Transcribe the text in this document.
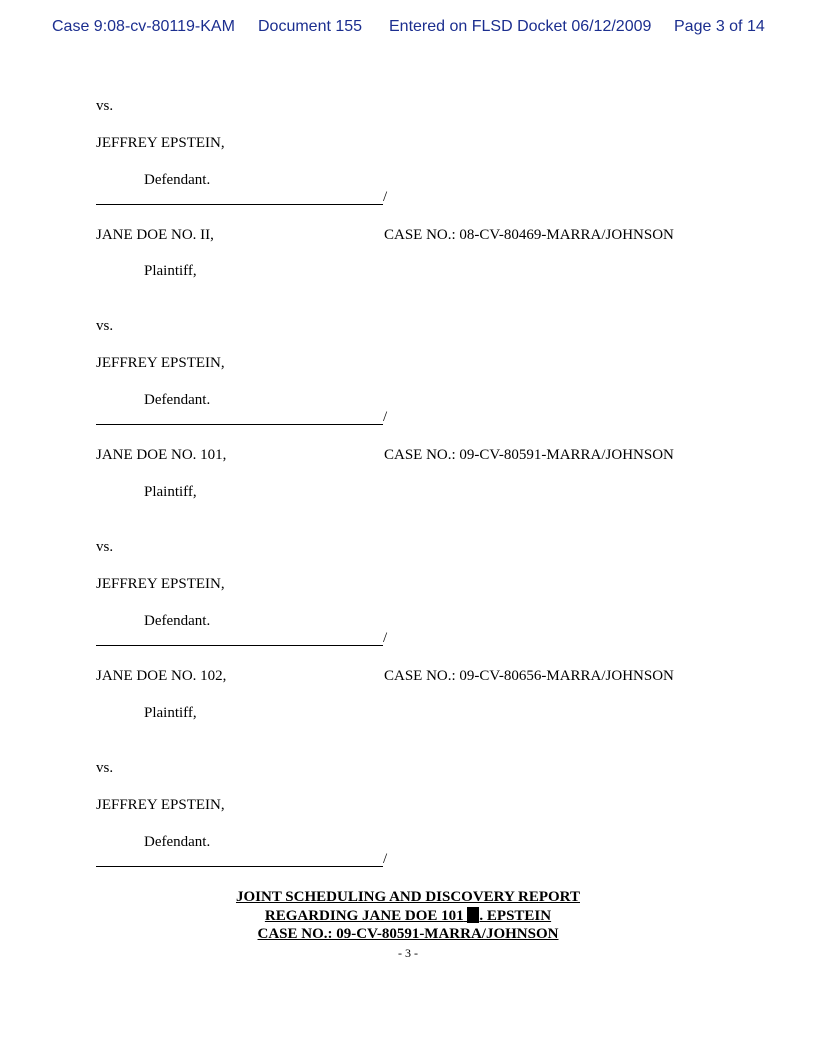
Case 9:08-cv-80119-KAM Document 155 Entered on FLSD Docket 06/12/2009 Page 3 of 14
vs.
JEFFREY EPSTEIN,
Defendant.
/
JANE DOE NO. II,	CASE NO.: 08-CV-80469-MARRA/JOHNSON
Plaintiff,
vs.
JEFFREY EPSTEIN,
Defendant.
/
JANE DOE NO. 101,	CASE NO.: 09-CV-80591-MARRA/JOHNSON
Plaintiff,
vs.
JEFFREY EPSTEIN,
Defendant.
/
JANE DOE NO. 102,	CASE NO.: 09-CV-80656-MARRA/JOHNSON
Plaintiff,
vs.
JEFFREY EPSTEIN,
Defendant.
/
JOINT SCHEDULING AND DISCOVERY REPORT
REGARDING JANE DOE 101 . EPSTEIN
CASE NO.: 09-CV-80591-MARRA/JOHNSON
- 3 -
